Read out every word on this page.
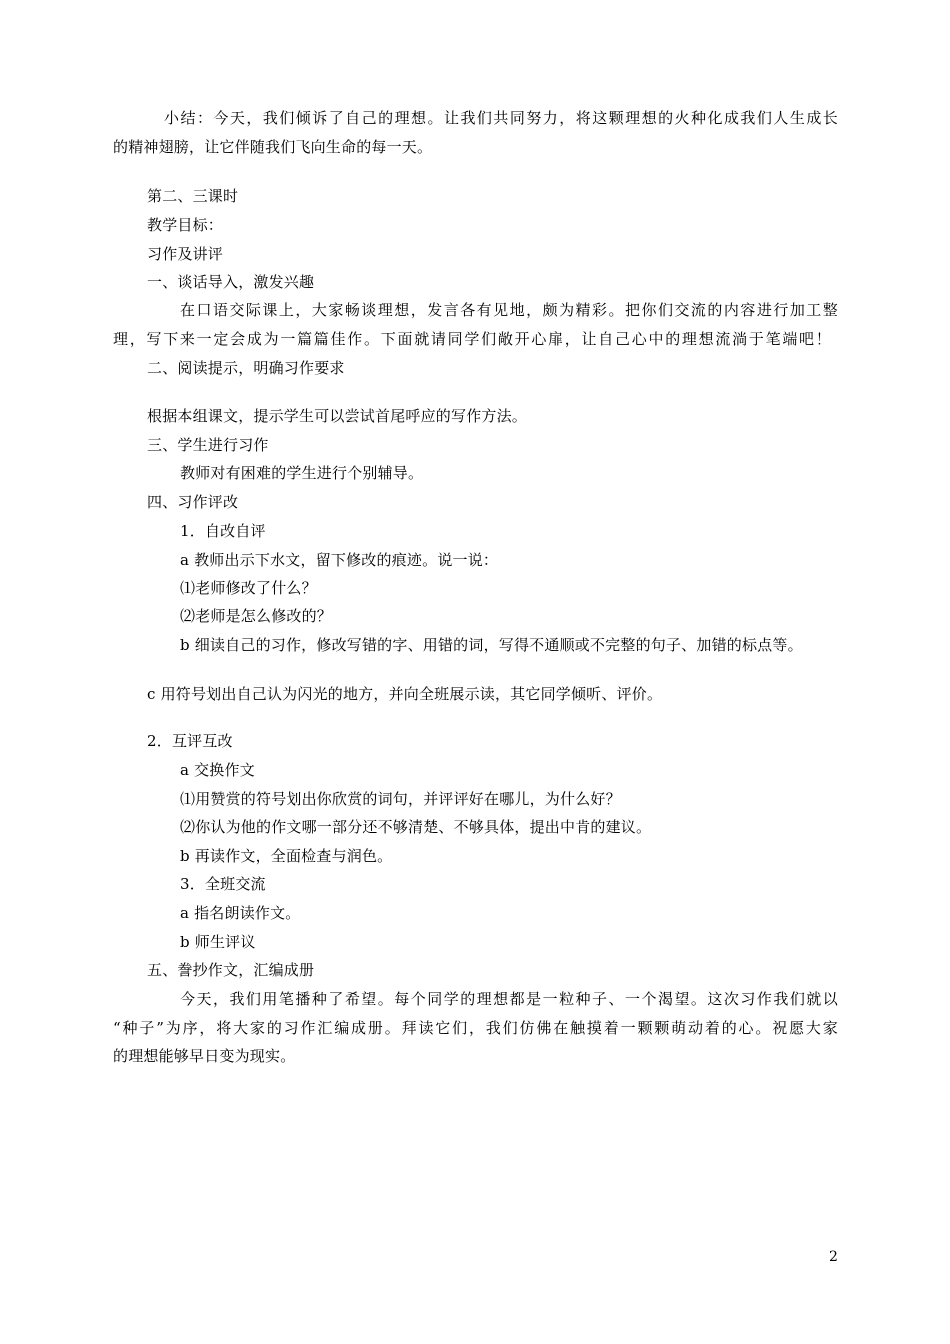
小结：今天，我们倾诉了自己的理想。让我们共同努力，将这颗理想的火种化成我们人生成长
的精神翅膀，让它伴随我们飞向生命的每一天。
第二、三课时
教学目标：
习作及讲评
一、谈话导入，激发兴趣
在口语交际课上，大家畅谈理想，发言各有见地，颇为精彩。把你们交流的内容进行加工整
理，写下来一定会成为一篇篇佳作。下面就请同学们敞开心扉，让自己心中的理想流淌于笔端吧！
二、阅读提示，明确习作要求
根据本组课文，提示学生可以尝试首尾呼应的写作方法。
三、学生进行习作
教师对有困难的学生进行个别辅导。
四、习作评改
1．自改自评
a 教师出示下水文，留下修改的痕迹。说一说：
⑴老师修改了什么？
⑵老师是怎么修改的？
b 细读自己的习作，修改写错的字、用错的词，写得不通顺或不完整的句子、加错的标点等。
c 用符号划出自己认为闪光的地方，并向全班展示读，其它同学倾听、评价。
2．互评互改
a 交换作文
⑴用赞赏的符号划出你欣赏的词句，并评评好在哪儿，为什么好？
⑵你认为他的作文哪一部分还不够清楚、不够具体，提出中肯的建议。
b 再读作文，全面检查与润色。
3．全班交流
a 指名朗读作文。
b 师生评议
五、誊抄作文，汇编成册
今天，我们用笔播种了希望。每个同学的理想都是一粒种子、一个渴望。这次习作我们就以
“种子”为序，将大家的习作汇编成册。拜读它们，我们仿佛在触摸着一颗颗萌动着的心。祝愿大家
的理想能够早日变为现实。
2
